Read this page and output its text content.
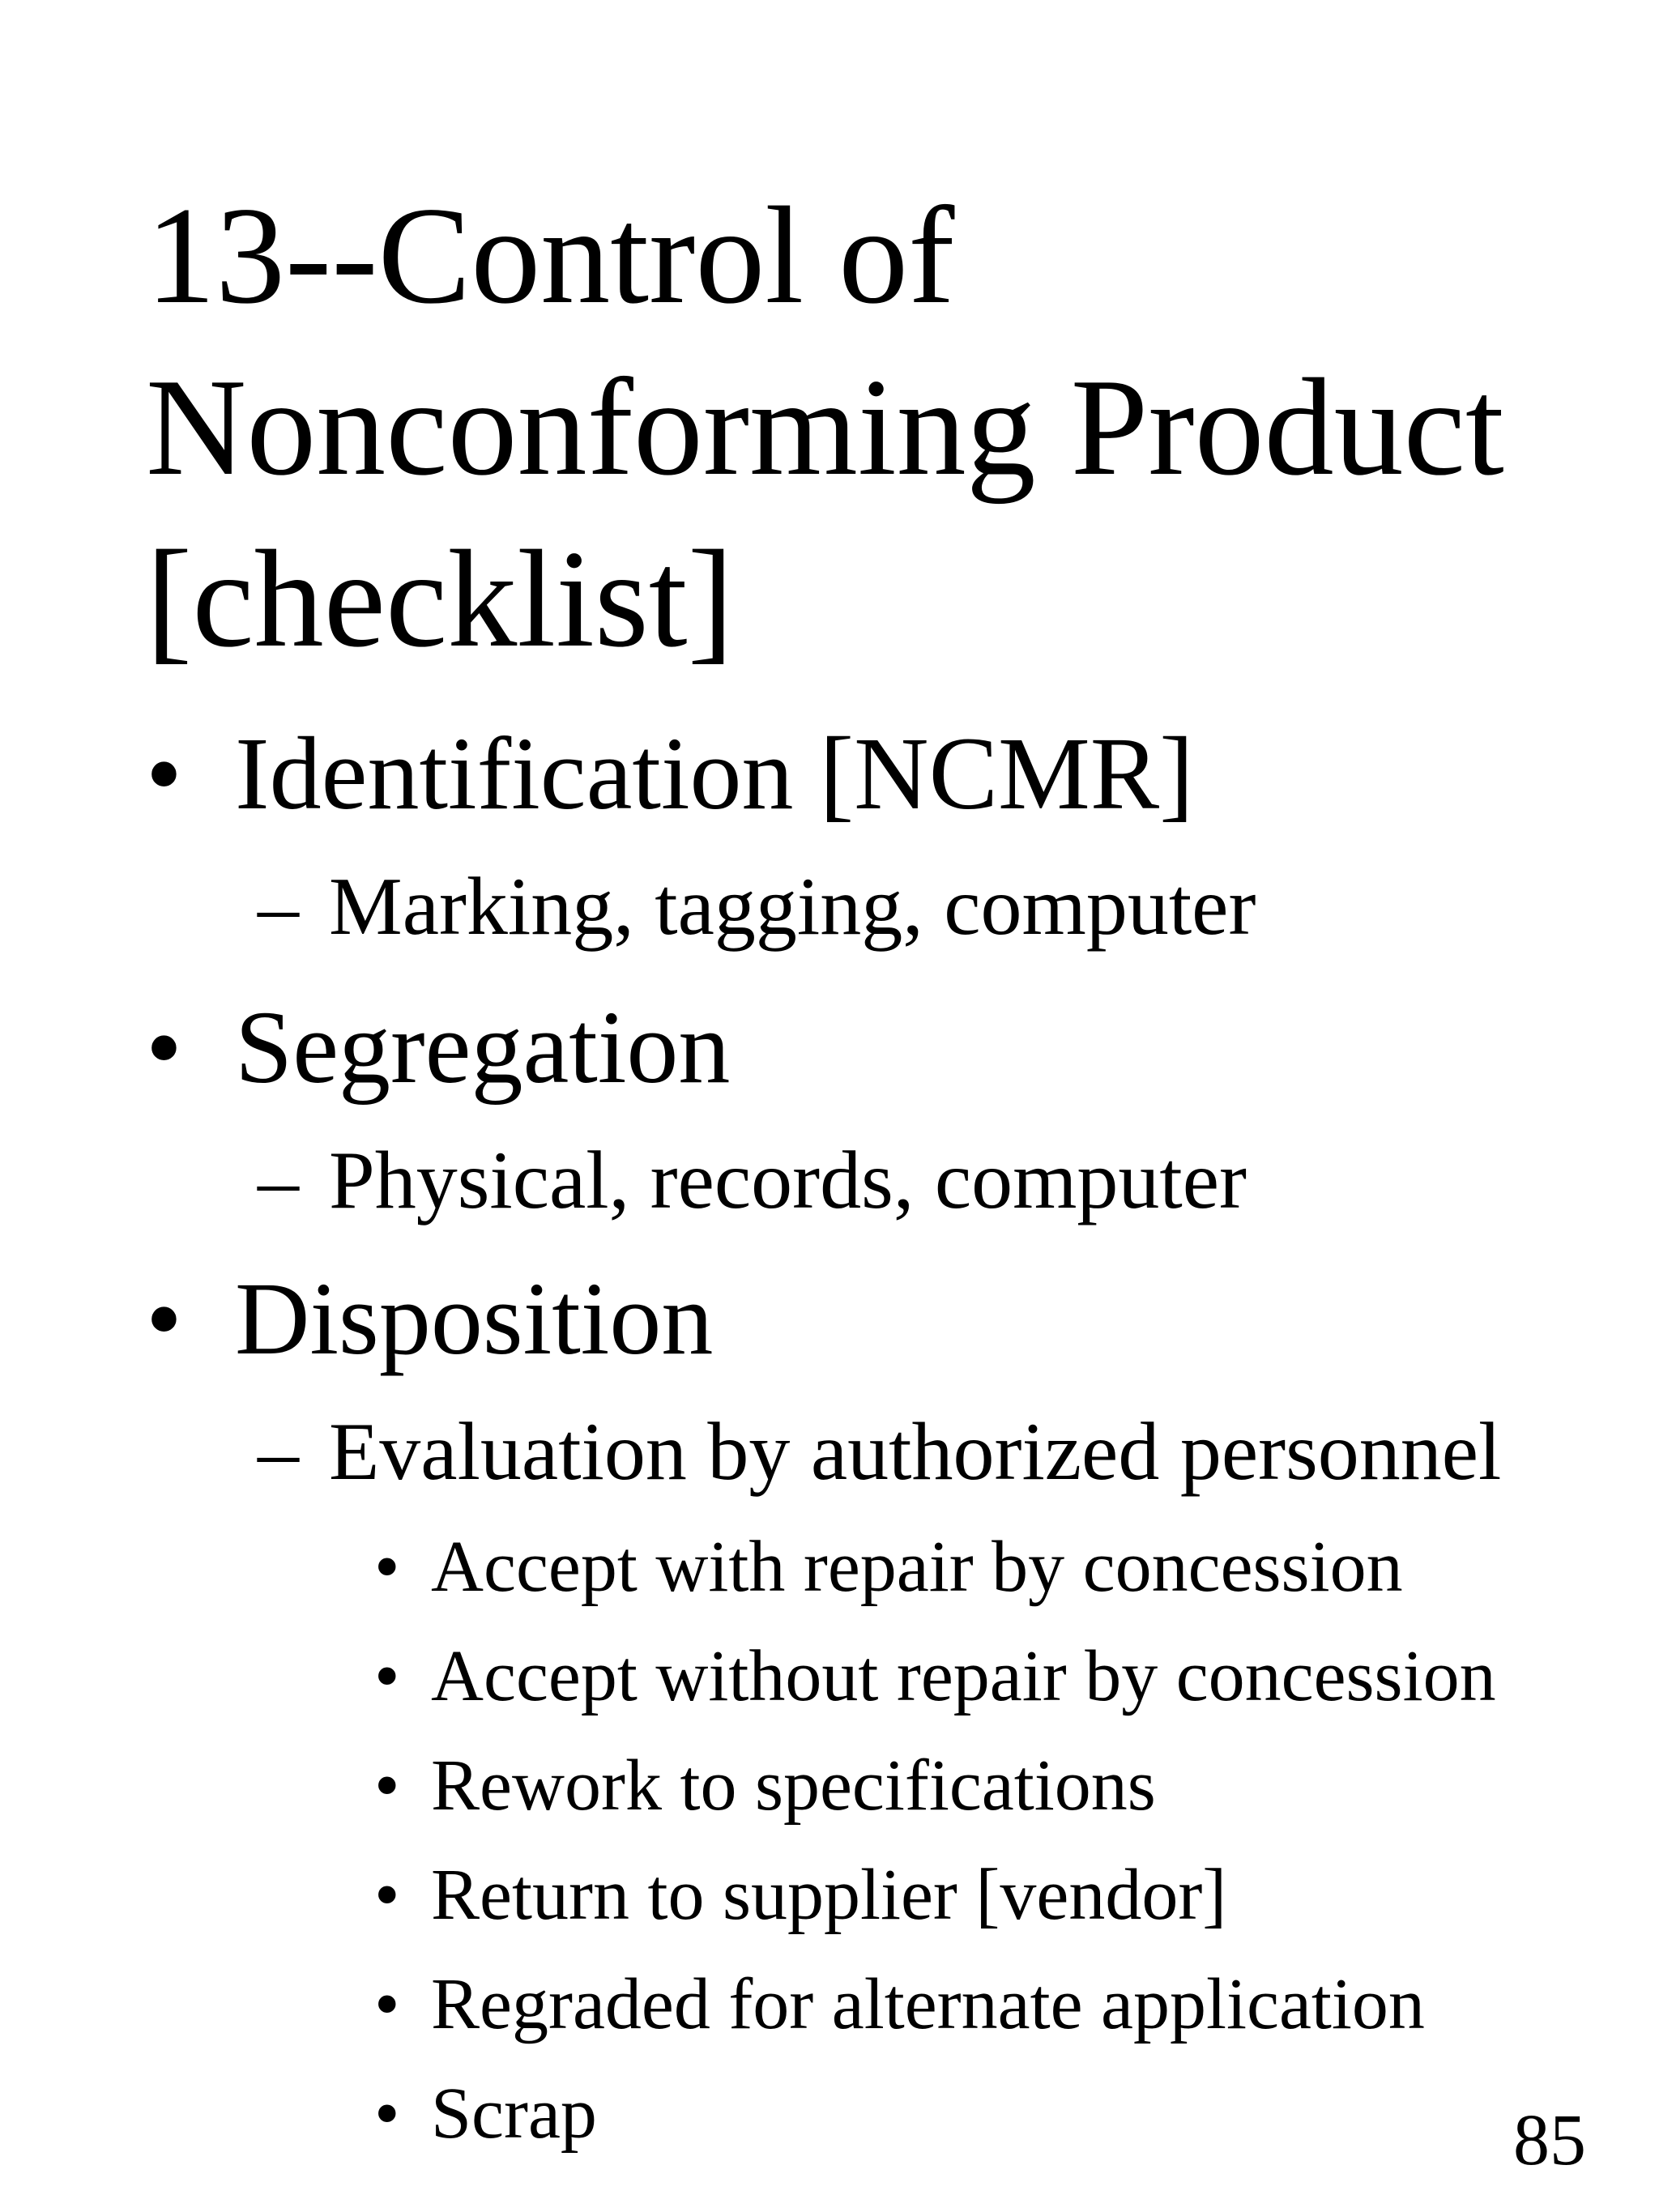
13--Control of
Nonconforming Product
[checklist]
• Identification [NCMR]
– Marking, tagging, computer
• Segregation
– Physical, records, computer
• Disposition
– Evaluation by authorized personnel
• Accept with repair by concession
• Accept without repair by concession
• Rework to specifications
• Return to supplier [vendor]
• Regraded for alternate application
• Scrap	85
